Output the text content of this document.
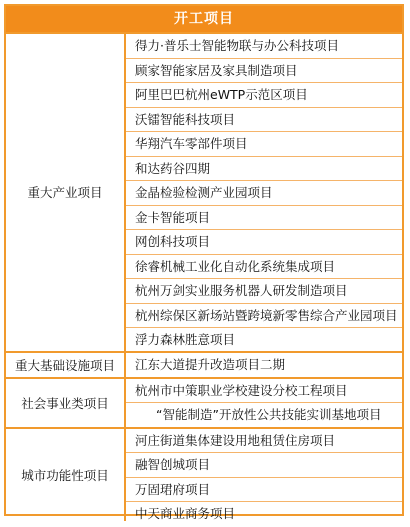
开工项目
重大产业项目
得力·普乐士智能物联与办公科技项目
顾家智能家居及家具制造项目
阿里巴巴杭州eWTP示范区项目
沃镭智能科技项目
华翔汽车零部件项目
和达药谷四期
金晶检验检测产业园项目
金卡智能项目
网创科技项目
徐睿机械工业化自动化系统集成项目
杭州万剑实业服务机器人研发制造项目
杭州综保区新场站暨跨境新零售综合产业园项目
浮力森林胜意项目
重大基础设施项目	江东大道提升改造项目二期
社会事业类项目
杭州市中策职业学校建设分校工程项目
“智能制造”开放性公共技能实训基地项目
城市功能性项目
河庄街道集体建设用地租赁住房项目
融智创城项目
万固珺府项目
中天商业商务项目
